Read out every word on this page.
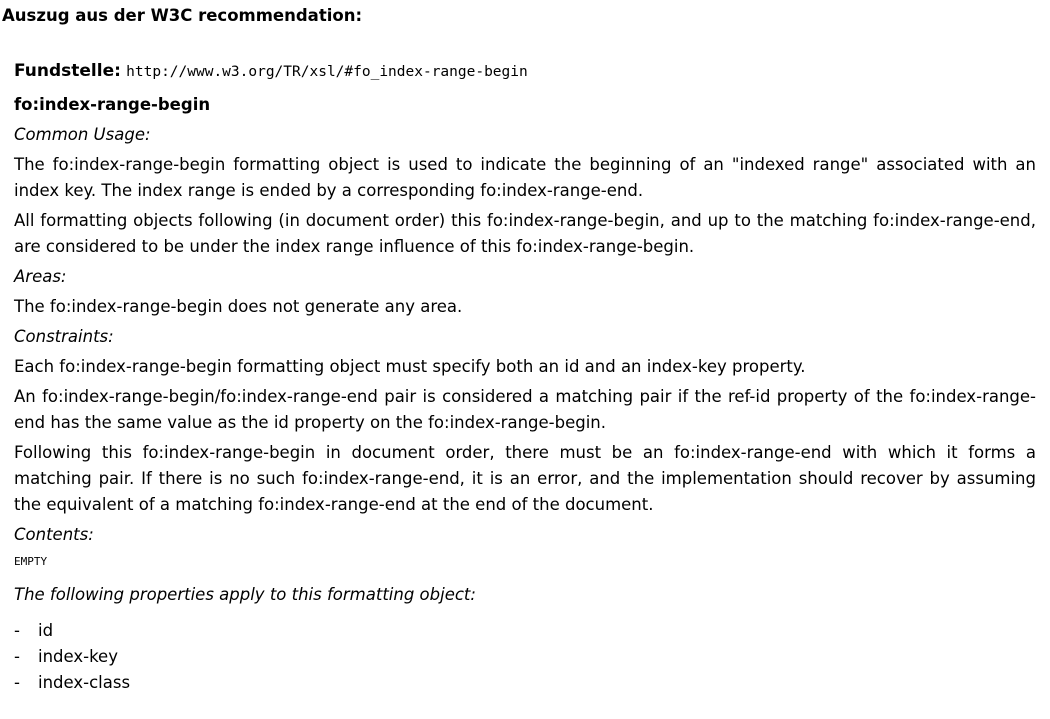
Auszug aus der W3C recommendation:
Fundstelle: http://www.w3.org/TR/xsl/#fo_index-range-begin
fo:index-range-begin
Common Usage:

The fo:index-range-begin formatting object is used to indicate the beginning of an "indexed range" associated with an index key. The index range is ended by a corresponding fo:index-range-end.

All formatting objects following (in document order) this fo:index-range-begin, and up to the matching fo:index-range-end, are considered to be under the index range influence of this fo:index-range-begin.

Areas:

The fo:index-range-begin does not generate any area.

Constraints:

Each fo:index-range-begin formatting object must specify both an id and an index-key property.

An fo:index-range-begin/fo:index-range-end pair is considered a matching pair if the ref-id property of the fo:index-range-end has the same value as the id property on the fo:index-range-begin.

Following this fo:index-range-begin in document order, there must be an fo:index-range-end with which it forms a matching pair. If there is no such fo:index-range-end, it is an error, and the implementation should recover by assuming the equivalent of a matching fo:index-range-end at the end of the document.

Contents:
EMPTY
The following properties apply to this formatting object:
- id
- index-key
- index-class
